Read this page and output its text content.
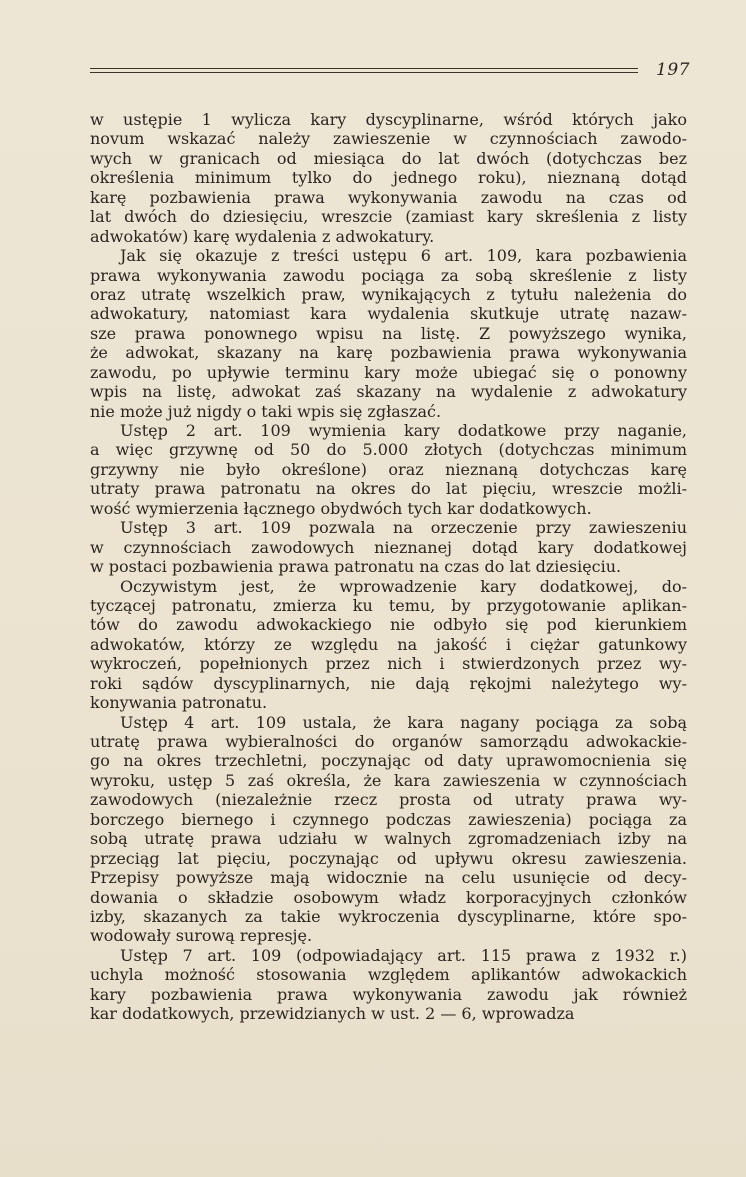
197
w ustępie 1 wylicza kary dyscyplinarne, wśród których jako
novum wskazać należy zawieszenie w czynnościach zawodo-
wych w granicach od miesiąca do lat dwóch (dotychczas bez
określenia minimum tylko do jednego roku), nieznaną dotąd
karę pozbawienia prawa wykonywania zawodu na czas od
lat dwóch do dziesięciu, wreszcie (zamiast kary skreślenia z listy
adwokatów) karę wydalenia z adwokatury.
Jak się okazuje z treści ustępu 6 art. 109, kara pozbawienia
prawa wykonywania zawodu pociąga za sobą skreślenie z listy
oraz utratę wszelkich praw, wynikających z tytułu należenia do
adwokatury, natomiast kara wydalenia skutkuje utratę nazaw-
sze prawa ponownego wpisu na listę. Z powyższego wynika,
że adwokat, skazany na karę pozbawienia prawa wykonywania
zawodu, po upływie terminu kary może ubiegać się o ponowny
wpis na listę, adwokat zaś skazany na wydalenie z adwokatury
nie może już nigdy o taki wpis się zgłaszać.
Ustęp 2 art. 109 wymienia kary dodatkowe przy naganie,
a więc grzywnę od 50 do 5.000 złotych (dotychczas minimum
grzywny nie było określone) oraz nieznaną dotychczas karę
utraty prawa patronatu na okres do lat pięciu, wreszcie możli-
wość wymierzenia łącznego obydwóch tych kar dodatkowych.
Ustęp 3 art. 109 pozwala na orzeczenie przy zawieszeniu
w czynnościach zawodowych nieznanej dotąd kary dodatkowej
w postaci pozbawienia prawa patronatu na czas do lat dziesięciu.
Oczywistym jest, że wprowadzenie kary dodatkowej, do-
tyczącej patronatu, zmierza ku temu, by przygotowanie aplikan-
tów do zawodu adwokackiego nie odbyło się pod kierunkiem
adwokatów, którzy ze względu na jakość i ciężar gatunkowy
wykroczeń, popełnionych przez nich i stwierdzonych przez wy-
roki sądów dyscyplinarnych, nie dają rękojmi należytego wy-
konywania patronatu.
Ustęp 4 art. 109 ustala, że kara nagany pociąga za sobą
utratę prawa wybieralności do organów samorządu adwokackie-
go na okres trzechletni, poczynając od daty uprawomocnienia się
wyroku, ustęp 5 zaś określa, że kara zawieszenia w czynnościach
zawodowych (niezależnie rzecz prosta od utraty prawa wy-
borczego biernego i czynnego podczas zawieszenia) pociąga za
sobą utratę prawa udziału w walnych zgromadzeniach izby na
przeciąg lat pięciu, poczynając od upływu okresu zawieszenia.
Przepisy powyższe mają widocznie na celu usunięcie od decy-
dowania o składzie osobowym władz korporacyjnych członków
izby, skazanych za takie wykroczenia dyscyplinarne, które spo-
wodowały surową represję.
Ustęp 7 art. 109 (odpowiadający art. 115 prawa z 1932 r.)
uchyla możność stosowania względem aplikantów adwokackich
kary pozbawienia prawa wykonywania zawodu jak również
kar dodatkowych, przewidzianych w ust. 2 — 6, wprowadza
